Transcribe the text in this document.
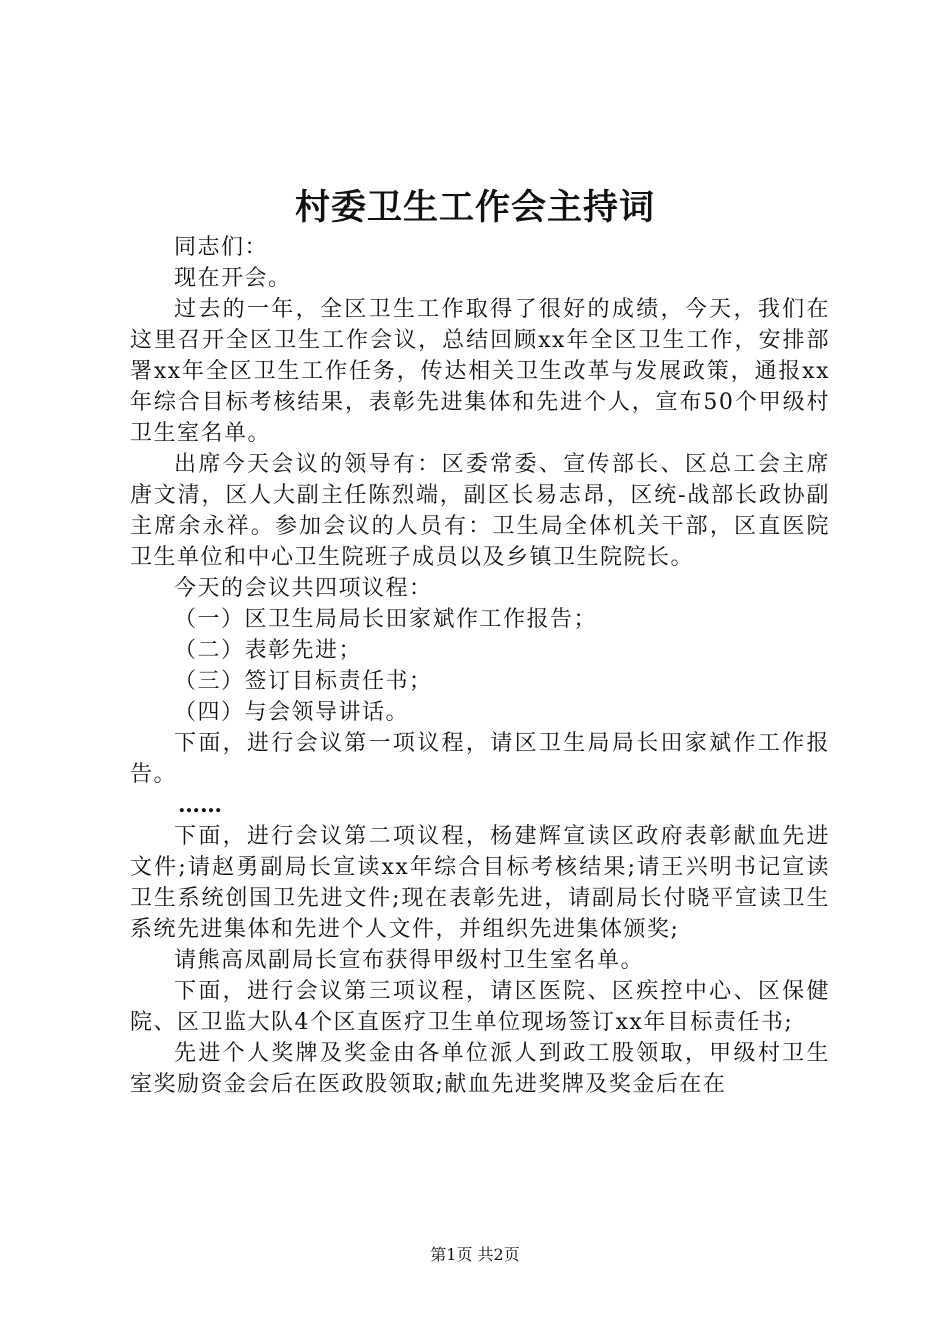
村委卫生工作会主持词

同志们：

现在开会。

过去的一年，全区卫生工作取得了很好的成绩，今天，我们在这里召开全区卫生工作会议，总结回顾xx年全区卫生工作，安排部署xx年全区卫生工作任务，传达相关卫生改革与发展政策，通报xx年综合目标考核结果，表彰先进集体和先进个人，宣布50个甲级村卫生室名单。

出席今天会议的领导有：区委常委、宣传部长、区总工会主席唐文清，区人大副主任陈烈端，副区长易志昂，区统-战部长政协副主席余永祥。参加会议的人员有：卫生局全体机关干部，区直医院卫生单位和中心卫生院班子成员以及乡镇卫生院院长。

今天的会议共四项议程：

（一）区卫生局局长田家斌作工作报告；

（二）表彰先进；

（三）签订目标责任书；

（四）与会领导讲话。

下面，进行会议第一项议程，请区卫生局局长田家斌作工作报告。

……

下面，进行会议第二项议程，杨建辉宣读区政府表彰献血先进文件;请赵勇副局长宣读xx年综合目标考核结果;请王兴明书记宣读卫生系统创国卫先进文件;现在表彰先进，请副局长付晓平宣读卫生系统先进集体和先进个人文件，并组织先进集体颁奖;

请熊高凤副局长宣布获得甲级村卫生室名单。

下面，进行会议第三项议程，请区医院、区疾控中心、区保健院、区卫监大队4个区直医疗卫生单位现场签订xx年目标责任书;

先进个人奖牌及奖金由各单位派人到政工股领取，甲级村卫生室奖励资金会后在医政股领取;献血先进奖牌及奖金后在在

第1页 共2页
